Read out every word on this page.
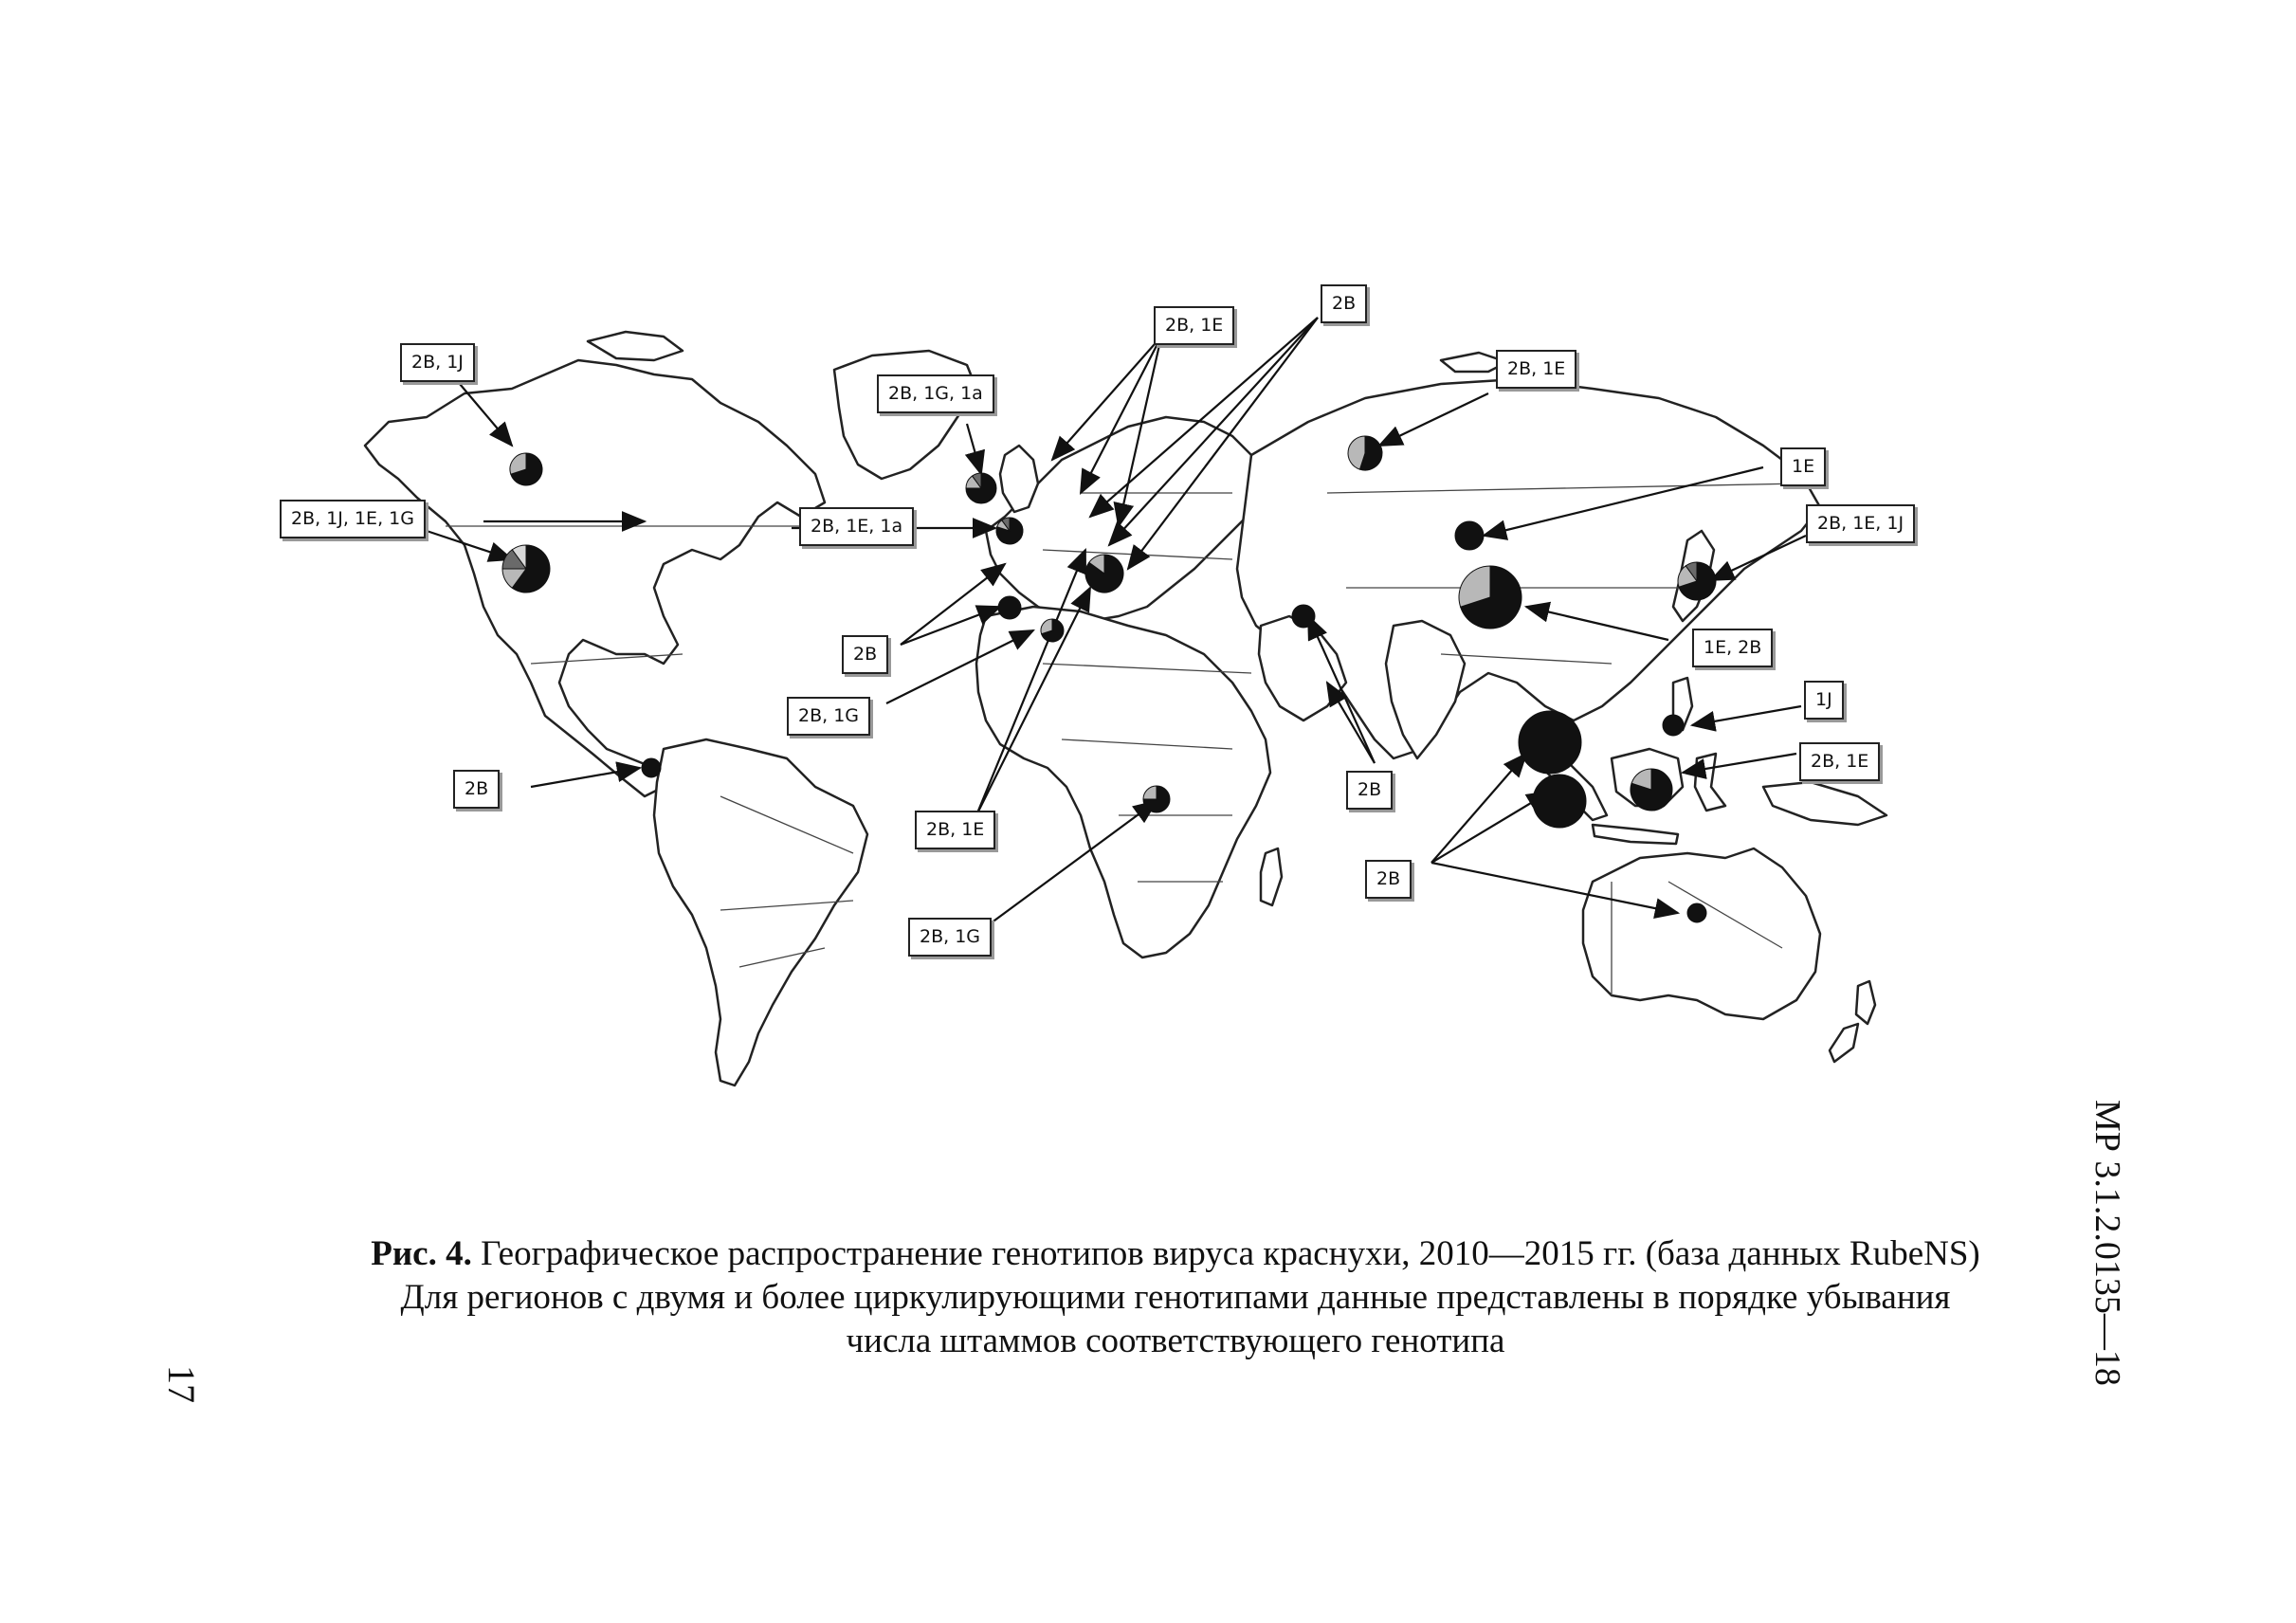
2B, 1J
2B, 1J, 1E, 1G
2B, 1G, 1a
2B, 1E, 1a
2B, 1E
2B
2B, 1E
1E
2B, 1E, 1J
1E, 2B
2B
2B, 1G
2B, 1E
2B
2B, 1G
2B
1J
2B, 1E
2B
Рис. 4. Географическое распространение генотипов вируса краснухи, 2010—2015 гг. (база данных RubeNS)
Для регионов с двумя и более циркулирующими генотипами данные представлены в порядке убывания
числа штаммов соответствующего генотипа	МР 3.1.2.0135—18
17
